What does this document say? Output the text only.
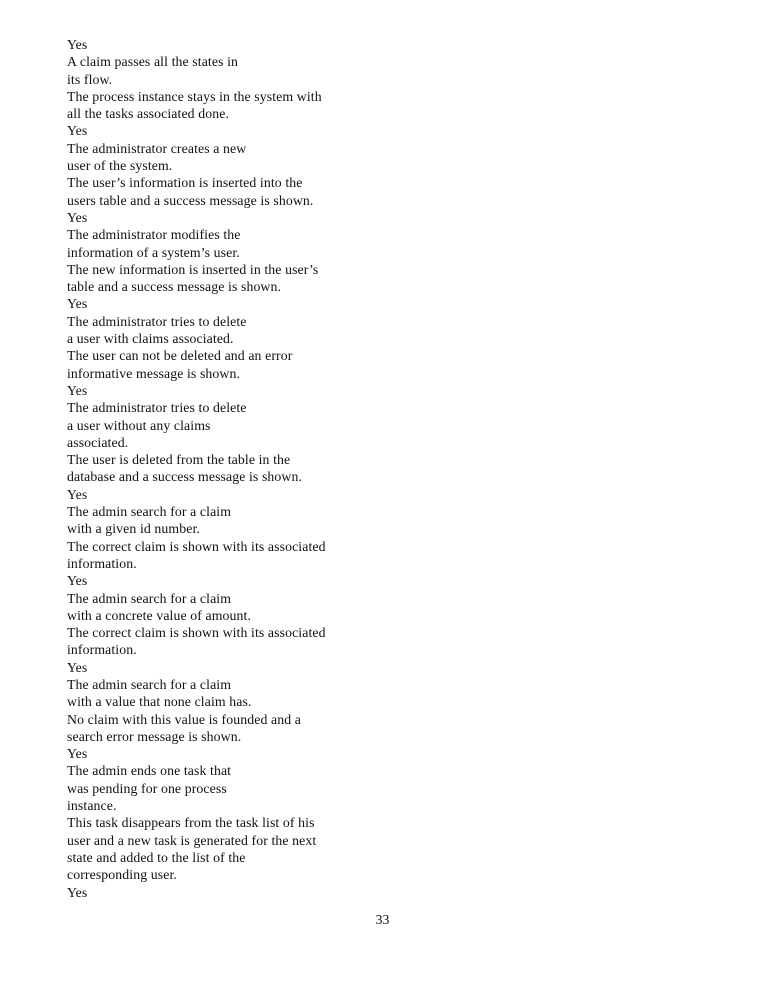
Yes
A claim passes all the states in
its flow.
The process instance stays in the system with
all the tasks associated done.
Yes
The administrator creates a new
user of the system.
The user’s information is inserted into the
users table and a success message is shown.
Yes
The administrator modifies the
information of a system’s user.
The new information is inserted in the user’s
table and a success message is shown.
Yes
The administrator tries to delete
a user with claims associated.
The user can not be deleted and an error
informative message is shown.
Yes
The administrator tries to delete
a user without any claims
associated.
The user is deleted from the table in the
database and a success message is shown.
Yes
The admin search for a claim
with a given id number.
The correct claim is shown with its associated
information.
Yes
The admin search for a claim
with a concrete value of amount.
The correct claim is shown with its associated
information.
Yes
The admin search for a claim
with a value that none claim has.
No claim with this value is founded and a
search error message is shown.
Yes
The admin ends one task that
was pending for one process
instance.
This task disappears from the task list of his
user and a new task is generated for the next
state and added to the list of the
corresponding user.
Yes
33
